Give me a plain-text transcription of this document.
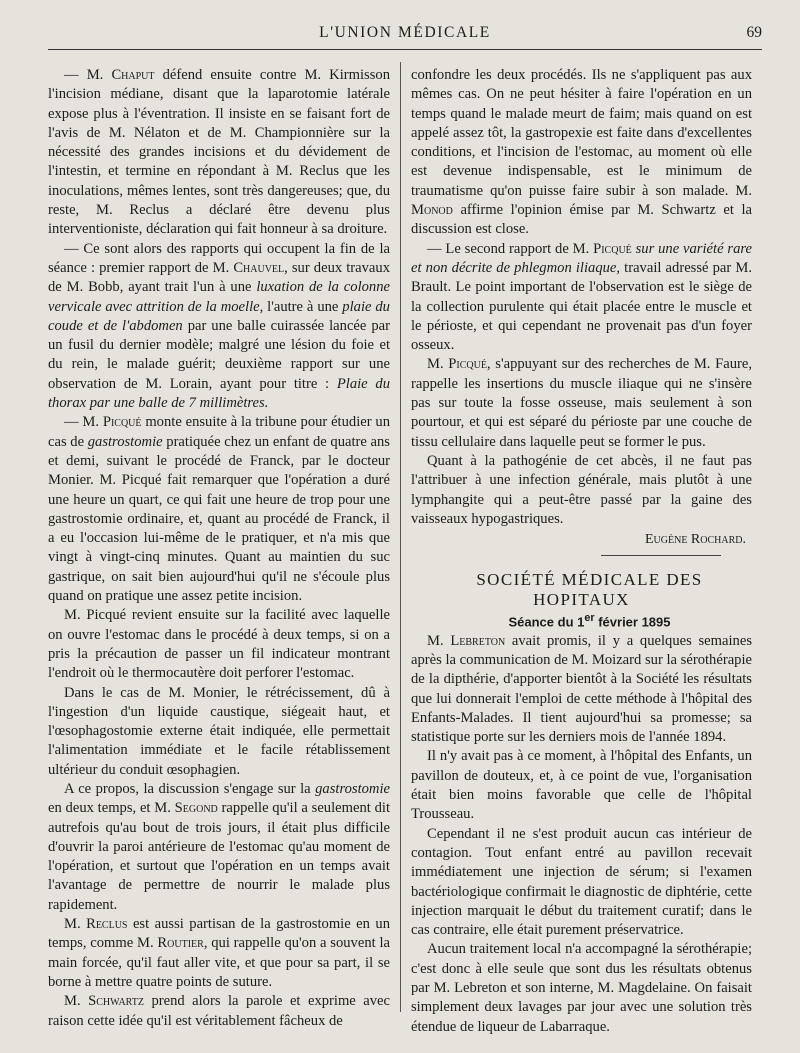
L'UNION MÉDICALE	69

— M. Chaput défend ensuite contre M. Kirmisson l'incision médiane, disant que la laparotomie latérale expose plus à l'éventration. Il insiste en se faisant fort de l'avis de M. Nélaton et de M. Championnière sur la nécessité des grandes incisions et du dévidement de l'intestin, et termine en répondant à M. Reclus que les inoculations, mêmes lentes, sont très dangereuses; que, du reste, M. Reclus a déclaré être devenu plus interventioniste, déclaration qui fait honneur à sa droiture.

— Ce sont alors des rapports qui occupent la fin de la séance : premier rapport de M. Chauvel, sur deux travaux de M. Bobb, ayant trait l'un à une luxation de la colonne vervicale avec attrition de la moelle, l'autre à une plaie du coude et de l'abdomen par une balle cuirassée lancée par un fusil du dernier modèle; malgré une lésion du foie et du rein, le malade guérit; deuxième rapport sur une observation de M. Lorain, ayant pour titre : Plaie du thorax par une balle de 7 millimètres.

— M. Picqué monte ensuite à la tribune pour étudier un cas de gastrostomie pratiquée chez un enfant de quatre ans et demi, suivant le procédé de Franck, par le docteur Monier. M. Picqué fait remarquer que l'opération a duré une heure un quart, ce qui fait une heure de trop pour une gastrostomie ordinaire, et, quant au procédé de Franck, il a eu l'occasion lui-même de le pratiquer, et n'a mis que vingt à vingt-cinq minutes. Quant au maintien du suc gastrique, on sait bien aujourd'hui qu'il ne s'écoule plus quand on pratique une assez petite incision.

M. Picqué revient ensuite sur la facilité avec laquelle on ouvre l'estomac dans le procédé à deux temps, si on a pris la précaution de passer un fil indicateur montrant l'endroit où le thermocautère doit perforer l'estomac.

Dans le cas de M. Monier, le rétrécissement, dû à l'ingestion d'un liquide caustique, siégeait haut, et l'œsophagostomie externe était indiquée, elle permettait l'alimentation immédiate et le facile rétablissement ultérieur du conduit œsophagien.

A ce propos, la discussion s'engage sur la gastrostomie en deux temps, et M. Segond rappelle qu'il a seulement dit autrefois qu'au bout de trois jours, il était plus difficile d'ouvrir la paroi antérieure de l'estomac qu'au moment de l'opération, et surtout que l'opération en un temps avait l'avantage de permettre de nourrir le malade plus rapidement.

M. Reclus est aussi partisan de la gastrostomie en un temps, comme M. Routier, qui rappelle qu'on a souvent la main forcée, qu'il faut aller vite, et que pour sa part, il se borne à mettre quatre points de suture.

M. Schwartz prend alors la parole et exprime avec raison cette idée qu'il est véritablement fâcheux de

confondre les deux procédés. Ils ne s'appliquent pas aux mêmes cas. On ne peut hésiter à faire l'opération en un temps quand le malade meurt de faim; mais quand on est appelé assez tôt, la gastropexie est faite dans d'excellentes conditions, et l'incision de l'estomac, au moment où elle est devenue indispensable, est le minimum de traumatisme qu'on puisse faire subir à son malade. M. Monod affirme l'opinion émise par M. Schwartz et la discussion est close.

— Le second rapport de M. Picqué sur une variété rare et non décrite de phlegmon iliaque, travail adressé par M. Brault. Le point important de l'observation est le siège de la collection purulente qui était placée entre le muscle et le périoste, et qui cependant ne provenait pas d'un foyer osseux.

M. Picqué, s'appuyant sur des recherches de M. Faure, rappelle les insertions du muscle iliaque qui ne s'insère pas sur toute la fosse osseuse, mais seulement à son pourtour, et qui est séparé du périoste par une couche de tissu cellulaire dans laquelle peut se former le pus.

Quant à la pathogénie de cet abcès, il ne faut pas l'attribuer à une infection générale, mais plutôt à une lymphangite qui a peut-être passé par la gaine des vaisseaux hypogastriques.

Eugène Rochard.

SOCIÉTÉ MÉDICALE DES HOPITAUX

Séance du 1er février 1895

M. Lebreton avait promis, il y a quelques semaines après la communication de M. Moizard sur la sérothérapie de la dipthérie, d'apporter bientôt à la Société les résultats que lui donnerait l'emploi de cette méthode à l'hôpital des Enfants-Malades. Il tient aujourd'hui sa promesse; sa statistique porte sur les derniers mois de l'année 1894.

Il n'y avait pas à ce moment, à l'hôpital des Enfants, un pavillon de douteux, et, à ce point de vue, l'organisation était bien moins favorable que celle de l'hôpital Trousseau.

Cependant il ne s'est produit aucun cas intérieur de contagion. Tout enfant entré au pavillon recevait immédiatement une injection de sérum; si l'examen bactériologique confirmait le diagnostic de diphtérie, cette injection marquait le début du traitement curatif; dans le cas contraire, elle était purement préservatrice.

Aucun traitement local n'a accompagné la sérothérapie; c'est donc à elle seule que sont dus les résultats obtenus par M. Lebreton et son interne, M. Magdelaine. On faisait simplement deux lavages par jour avec une solution très étendue de liqueur de Labarraque.
